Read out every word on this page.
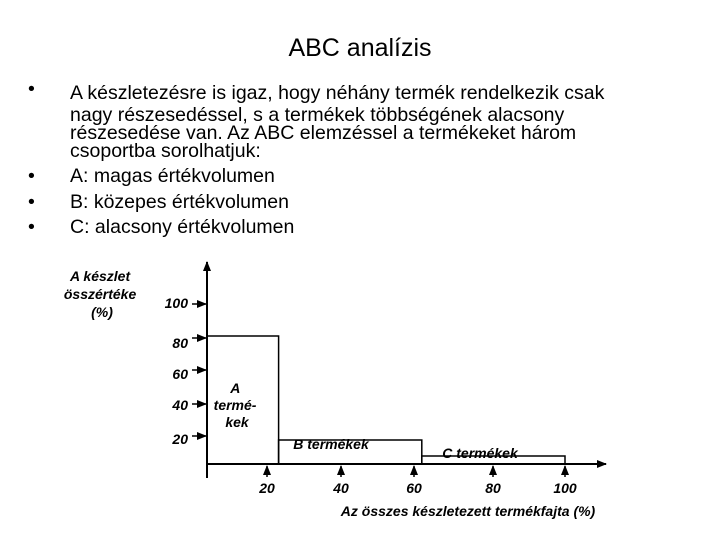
ABC analízis
•	A készletezésre is igaz, hogy néhány termék rendelkezik csak
nagy részesedéssel, s a termékek többségének alacsony
részesedése van. Az ABC elemzéssel a termékeket három
csoportba sorolhatjuk:
•	A: magas értékvolumen
•	B: közepes értékvolumen
•	C: alacsony értékvolumen
A készlet összértéke (%)
100
80
60
40
20
20	40	60	80	100
Az összes készletezett termékfajta (%)
A termé- kek
B termékek
C termékek
